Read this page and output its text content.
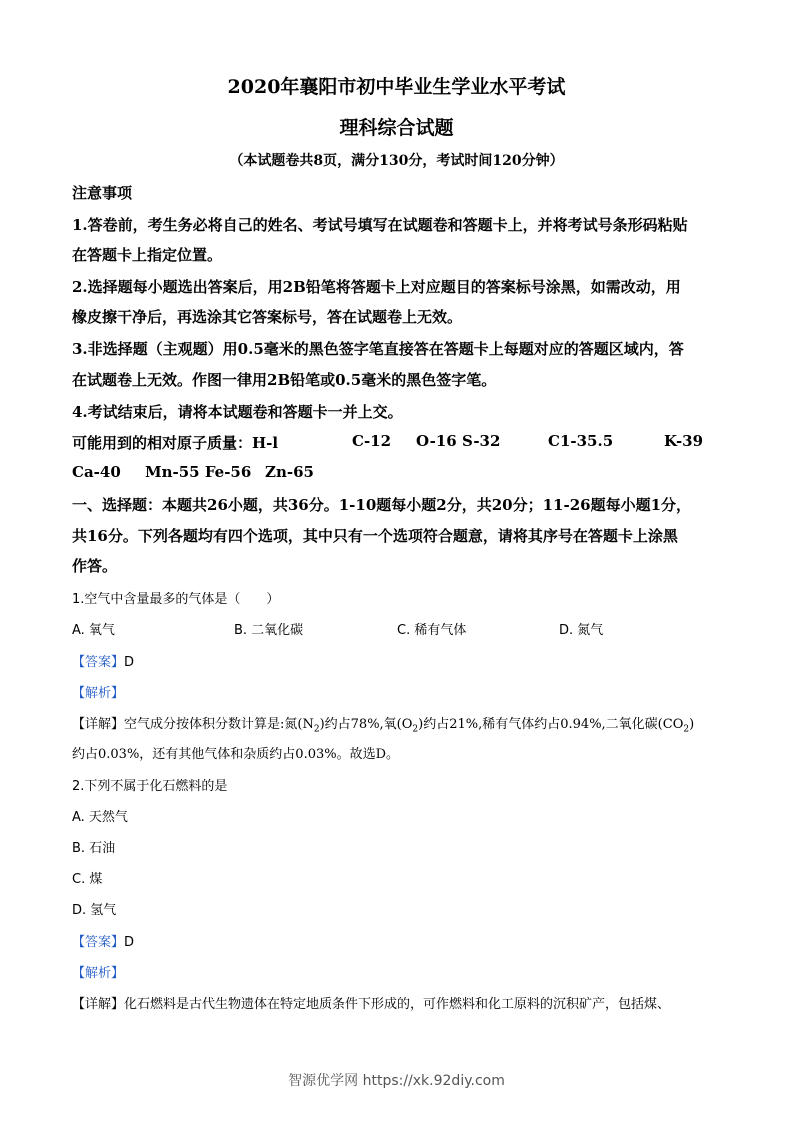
2020年襄阳市初中毕业生学业水平考试
理科综合试题
（本试题卷共8页，满分130分，考试时间120分钟）
注意事项
1.答卷前，考生务必将自己的姓名、考试号填写在试题卷和答题卡上，并将考试号条形码粘贴
在答题卡上指定位置。
2.选择题每小题选出答案后，用2B铅笔将答题卡上对应题目的答案标号涂黑，如需改动，用
橡皮擦干净后，再选涂其它答案标号，答在试题卷上无效。
3.非选择题（主观题）用0.5毫米的黑色签字笔直接答在答题卡上每题对应的答题区域内，答
在试题卷上无效。作图一律用2B铅笔或0.5毫米的黑色签字笔。
4.考试结束后，请将本试题卷和答题卡一并上交。
可能用到的相对原子质量：H-l	C-12 O-16 S-32	C1-35.5	K-39
Ca-40 Mn-55 Fe-56 Zn-65
一、选择题：本题共26小题，共36分。1-10题每小题2分，共20分；11-26题每小题1分，
共16分。下列各题均有四个选项，其中只有一个选项符合题意，请将其序号在答题卡上涂黑
作答。
1.空气中含量最多的气体是（　　）
A. 氧气	B. 二氧化碳	C. 稀有气体	D. 氮气
【答案】D
【解析】
【详解】空气成分按体积分数计算是:氮$(N_2)$约占78%,氧$(O_2)$约占21%,稀有气体约占0.94%,二氧化碳$(CO_2)$
约占0.03%，还有其他气体和杂质约占0.03%。故选D。
2.下列不属于化石燃料的是
A. 天然气
B. 石油
C. 煤
D. 氢气
【答案】D
【解析】
【详解】化石燃料是古代生物遗体在特定地质条件下形成的，可作燃料和化工原料的沉积矿产，包括煤、
智源优学网 https://xk.92diy.com
